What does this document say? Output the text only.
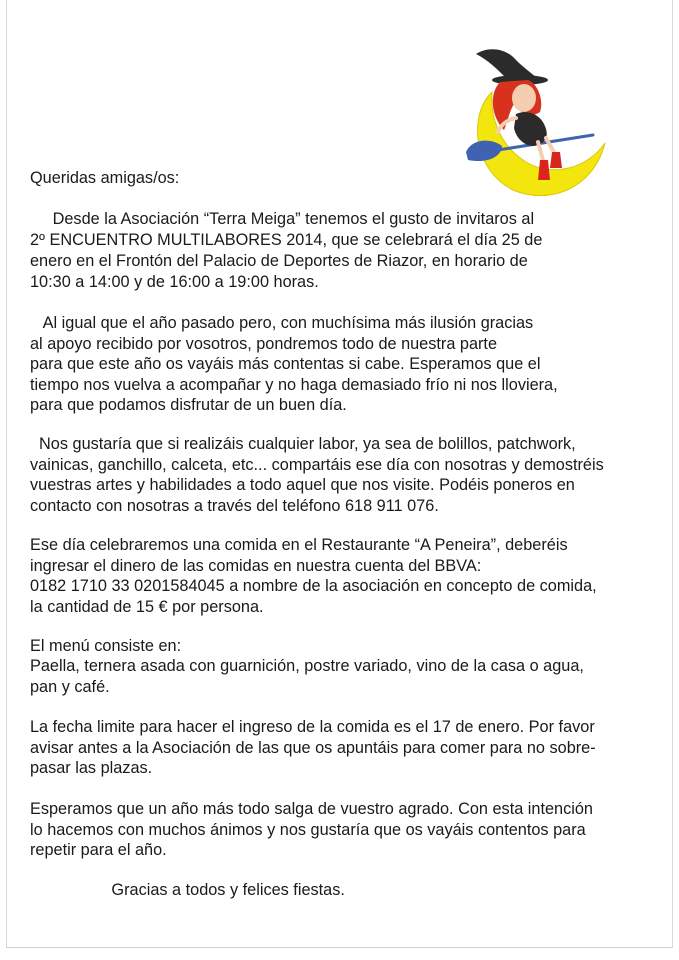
Queridas amigas/os:
Desde la Asociación “Terra Meiga” tenemos el gusto de invitaros al
2º ENCUENTRO MULTILABORES 2014, que se celebrará el día 25 de
enero en el Frontón del Palacio de Deportes de Riazor, en horario de
10:30 a 14:00 y de 16:00 a 19:00 horas.
Al igual que el año pasado pero, con muchísima más ilusión gracias
al apoyo recibido por vosotros, pondremos todo de nuestra parte
para que este año os vayáis más contentas si cabe. Esperamos que el
tiempo nos vuelva a acompañar y no haga demasiado frío ni nos lloviera,
para que podamos disfrutar de un buen día.
Nos gustaría que si realizáis cualquier labor, ya sea de bolillos, patchwork,
vainicas, ganchillo, calceta, etc... compartáis ese día con nosotras y demostréis
vuestras artes y habilidades a todo aquel que nos visite. Podéis poneros en
contacto con nosotras a través del teléfono 618 911 076.
Ese día celebraremos una comida en el Restaurante “A Peneira”, deberéis
ingresar el dinero de las comidas en nuestra cuenta del BBVA:
0182 1710 33 0201584045 a nombre de la asociación en concepto de comida,
la cantidad de 15 € por persona.
El menú consiste en:
Paella, ternera asada con guarnición, postre variado, vino de la casa o agua,
pan y café.
La fecha limite para hacer el ingreso de la comida es el 17 de enero. Por favor
avisar antes a la Asociación de las que os apuntáis para comer para no sobre-
pasar las plazas.
Esperamos que un año más todo salga de vuestro agrado. Con esta intención
lo hacemos con muchos ánimos y nos gustaría que os vayáis contentos para
repetir para el año.
Gracias a todos y felices fiestas.
